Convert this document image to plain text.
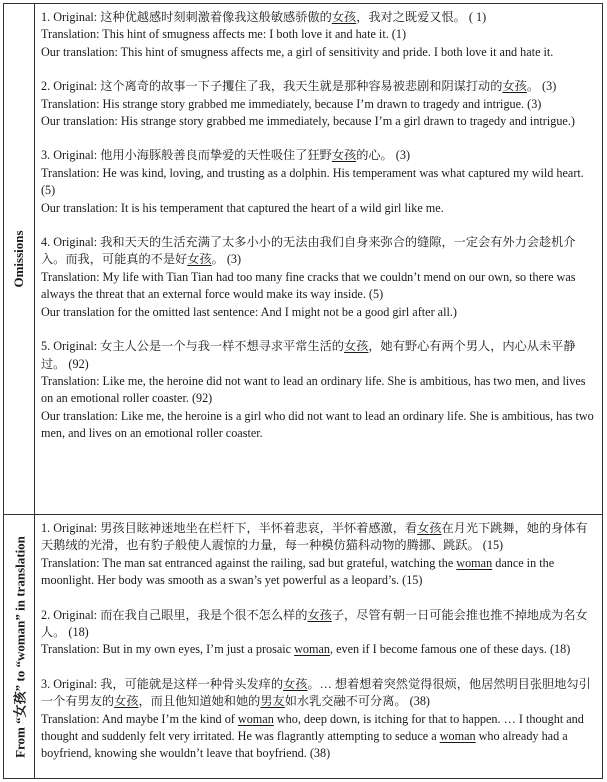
Omissions
1. Original: 这种优越感时刻刺激着像我这般敏感骄傲的女孩，我对之既爱又恨。 ( 1)
Translation: This hint of smugness affects me: I both love it and hate it. (1)
Our translation: This hint of smugness affects me, a girl of sensitivity and pride. I both love it and hate it.
2. Original: 这个离奇的故事一下子攫住了我，我天生就是那种容易被悲剧和阴谋打动的女孩。 (3)
Translation: His strange story grabbed me immediately, because I’m drawn to tragedy and intrigue. (3)
Our translation: His strange story grabbed me immediately, because I’m a girl drawn to tragedy and intrigue.)
3. Original: 他用小海豚般善良而挚爱的天性吸住了狂野女孩的心。 (3)
Translation: He was kind, loving, and trusting as a dolphin. His temperament was what captured my wild heart. (5)
Our translation: It is his temperament that captured the heart of a wild girl like me.
4. Original: 我和天天的生活充满了太多小小的无法由我们自身来弥合的缝隙，一定会有外力会趁机介入。而我，可能真的不是好女孩。 (3)
Translation: My life with Tian Tian had too many fine cracks that we couldn’t mend on our own, so there was always the threat that an external force would make its way inside. (5)
Our translation for the omitted last sentence: And I might not be a good girl after all.)
5. Original: 女主人公是一个与我一样不想寻求平常生活的女孩，她有野心有两个男人，内心从未平静过。 (92)
Translation: Like me, the heroine did not want to lead an ordinary life. She is ambitious, has two men, and lives on an emotional roller coaster. (92)
Our translation: Like me, the heroine is a girl who did not want to lead an ordinary life. She is ambitious, has two men, and lives on an emotional roller coaster.
From “女孩” to “woman” in translation
1. Original: 男孩目眩神迷地坐在栏杆下，半怀着悲哀，半怀着感激，看女孩在月光下跳舞，她的身体有天鹅绒的光滑，也有豹子般使人震惊的力量，每一种模仿猫科动物的腾挪、跳跃。 (15)
Translation: The man sat entranced against the railing, sad but grateful, watching the woman dance in the moonlight. Her body was smooth as a swan’s yet powerful as a leopard’s. (15)
2. Original: 而在我自己眼里，我是个很不怎么样的女孩子，尽管有朝一日可能会推也推不掉地成为名女人。 (18)
Translation: But in my own eyes, I’m just a prosaic woman, even if I become famous one of these days. (18)
3. Original: 我，可能就是这样一种骨头发痒的女孩。… 想着想着突然觉得很烦，他居然明目张胆地勾引一个有男友的女孩，而且他知道她和她的男友如水乳交融不可分离。 (38)
Translation: And maybe I’m the kind of woman who, deep down, is itching for that to happen. … I thought and thought and suddenly felt very irritated. He was flagrantly attempting to seduce a woman who already had a boyfriend, knowing she wouldn’t leave that boyfriend. (38)
